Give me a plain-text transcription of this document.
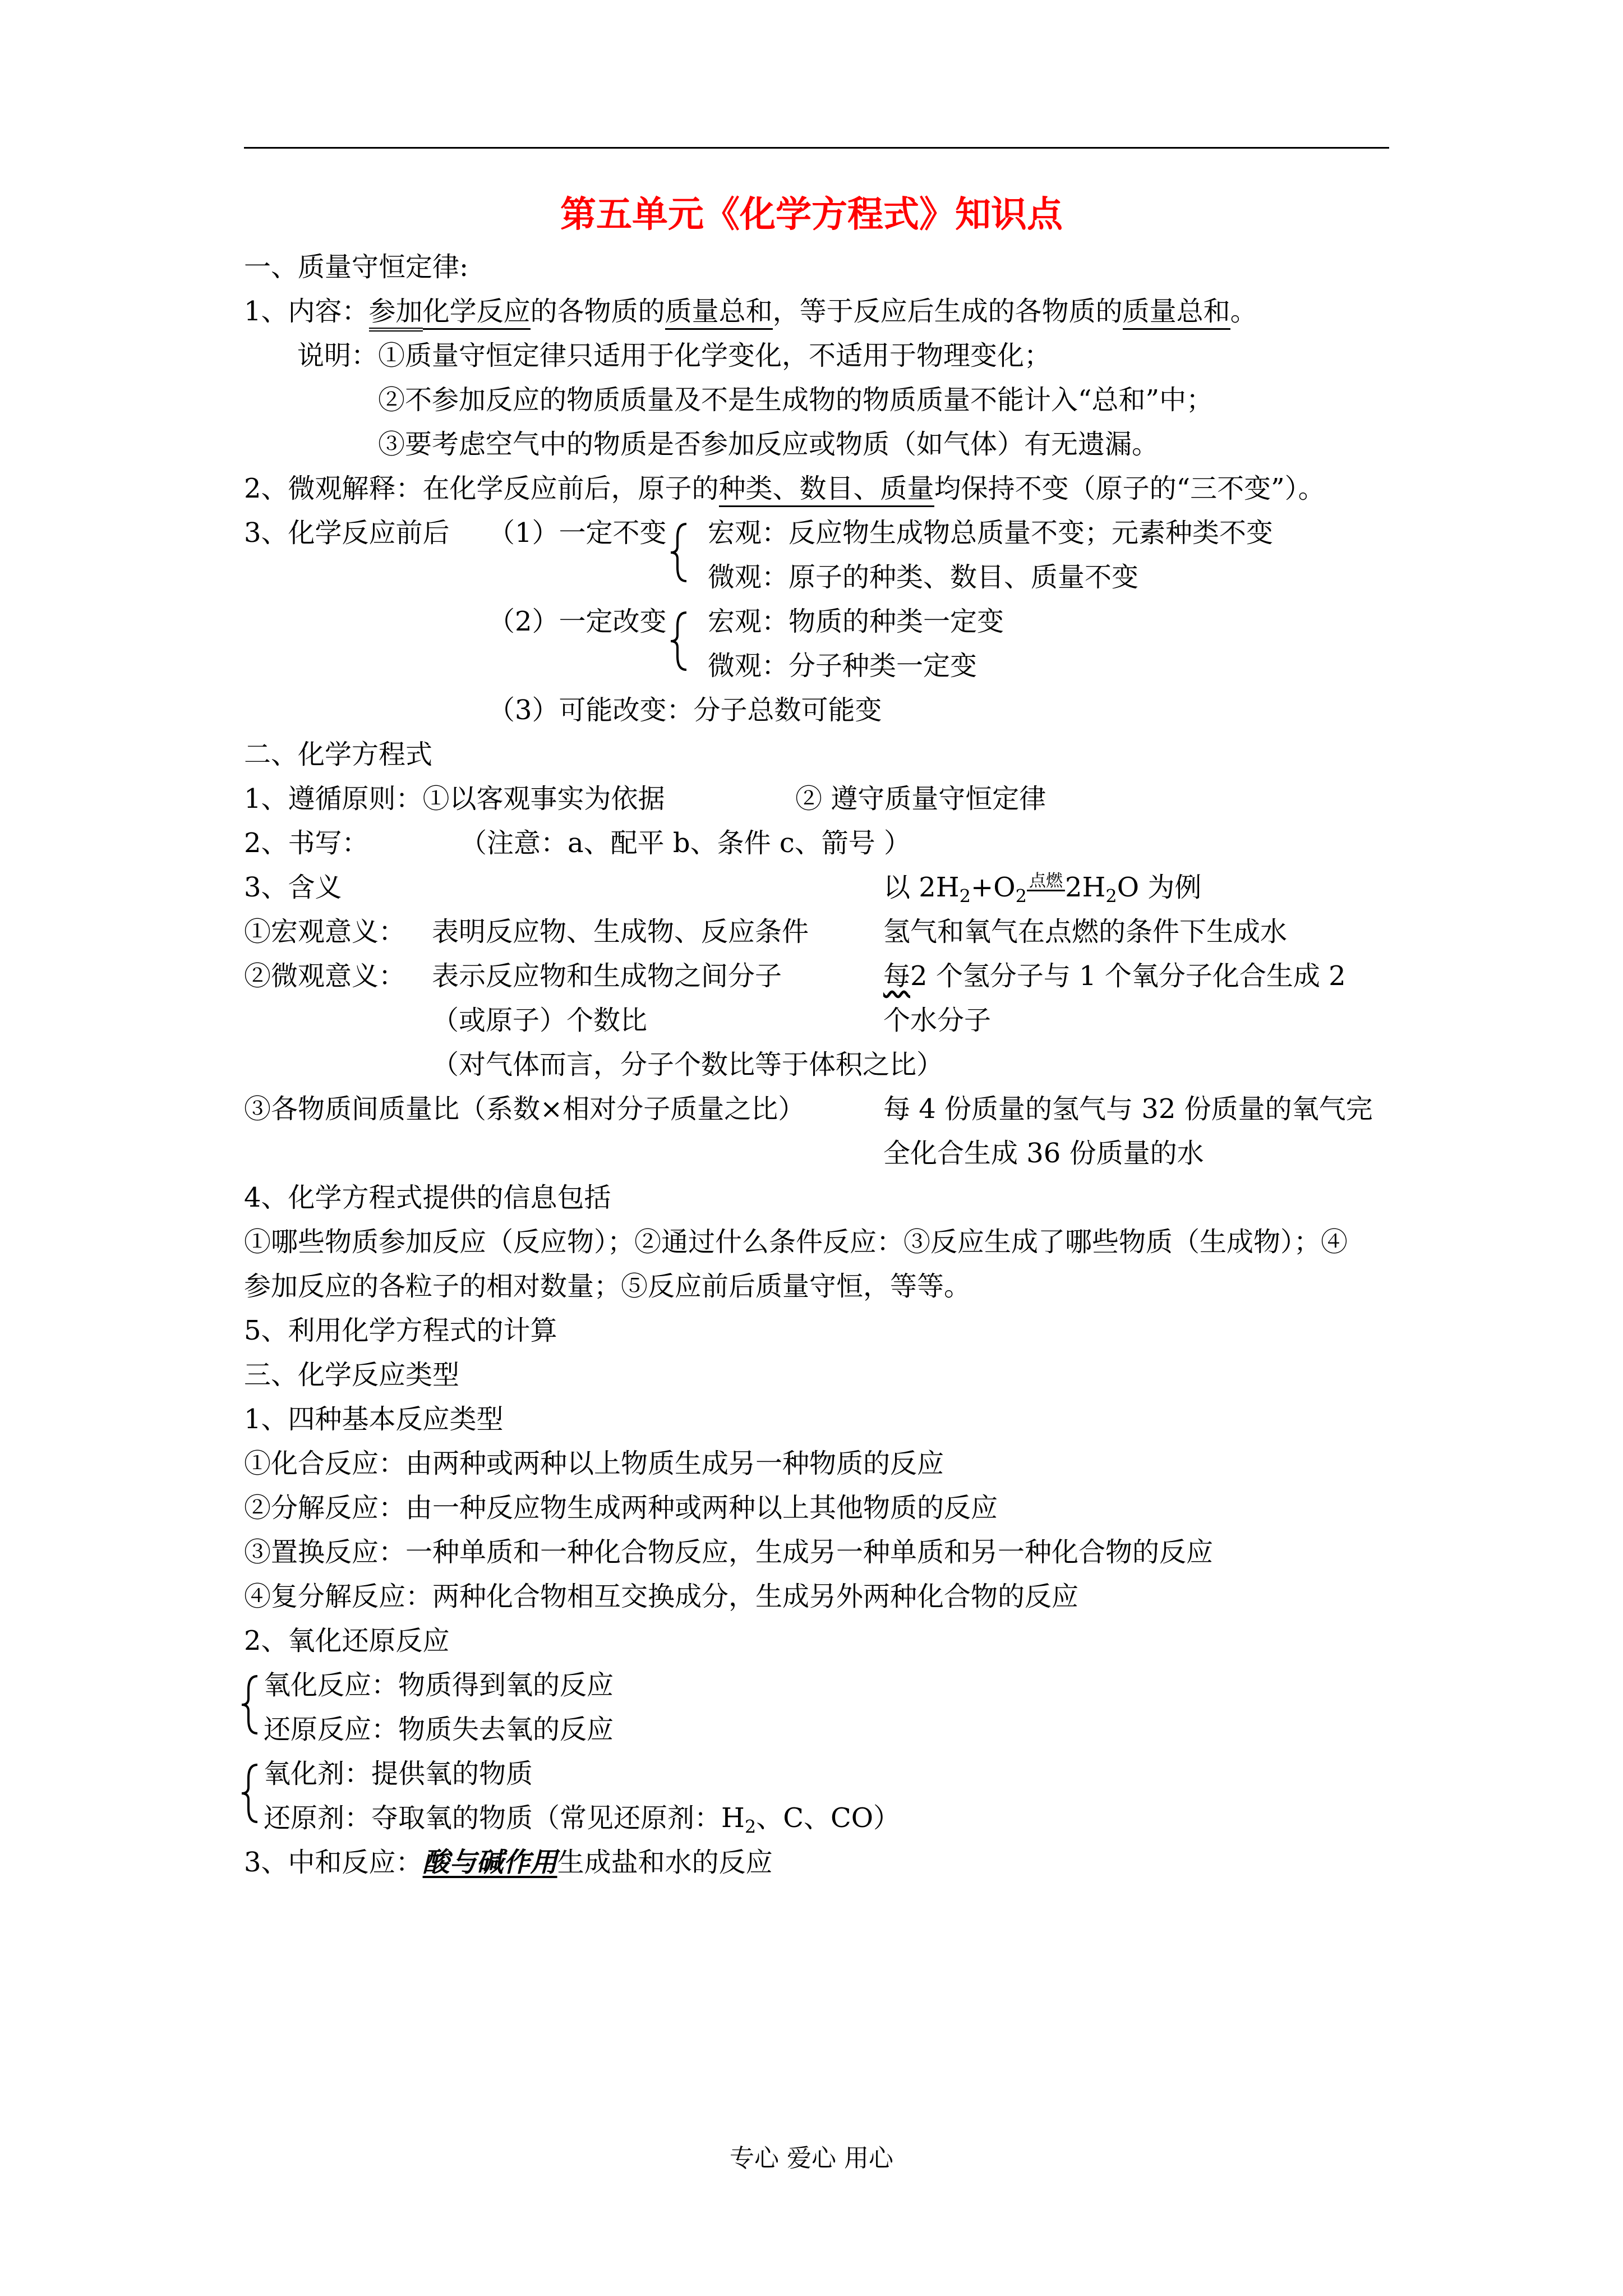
第五单元《化学方程式》知识点
一、质量守恒定律:
1、内容：参加化学反应的各物质的质量总和，等于反应后生成的各物质的质量总和。
说明：①质量守恒定律只适用于化学变化，不适用于物理变化；
②不参加反应的物质质量及不是生成物的物质质量不能计入“总和”中；
③要考虑空气中的物质是否参加反应或物质（如气体）有无遗漏。
2、微观解释：在化学反应前后，原子的种类、数目、质量均保持不变（原子的“三不变”）。
3、化学反应前后 （1）一定不变 宏观：反应物生成物总质量不变；元素种类不变
微观：原子的种类、数目、质量不变
（2）一定改变 宏观：物质的种类一定变
微观：分子种类一定变
（3）可能改变：分子总数可能变
二、化学方程式
1、遵循原则：①以客观事实为依据	② 遵守质量守恒定律
2、书写：	（注意：a、配平 b、条件 c、箭号 ）
3、含义	以 $2H_2+O_2$点燃$2H_2O$ 为例
①宏观意义： 表明反应物、生成物、反应条件	氢气和氧气在点燃的条件下生成水
②微观意义： 表示反应物和生成物之间分子	每2 个氢分子与 1 个氧分子化合生成 2
（或原子）个数比	个水分子
（对气体而言，分子个数比等于体积之比）
③各物质间质量比（系数×相对分子质量之比）	每 4 份质量的氢气与 32 份质量的氧气完
全化合生成 36 份质量的水
4、化学方程式提供的信息包括
①哪些物质参加反应（反应物）；②通过什么条件反应：③反应生成了哪些物质（生成物）；④
参加反应的各粒子的相对数量；⑤反应前后质量守恒，等等。
5、利用化学方程式的计算
三、化学反应类型
1、四种基本反应类型
①化合反应：由两种或两种以上物质生成另一种物质的反应
②分解反应：由一种反应物生成两种或两种以上其他物质的反应
③置换反应：一种单质和一种化合物反应，生成另一种单质和另一种化合物的反应
④复分解反应：两种化合物相互交换成分，生成另外两种化合物的反应
2、氧化还原反应
氧化反应：物质得到氧的反应
还原反应：物质失去氧的反应
氧化剂：提供氧的物质
还原剂：夺取氧的物质（常见还原剂：$H_2$、C、CO）
3、中和反应：酸与碱作用生成盐和水的反应
专心 爱心 用心
